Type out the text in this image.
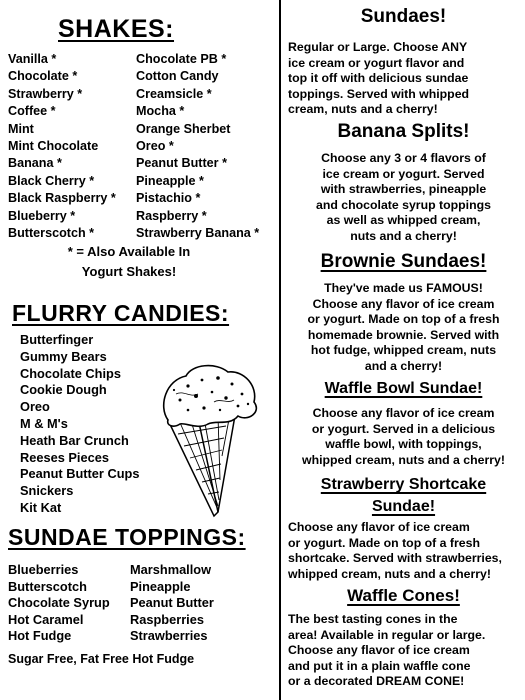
SHAKES:
Vanilla *
Chocolate *
Strawberry *
Coffee *
Mint
Mint Chocolate
Banana *
Black Cherry *
Black Raspberry *
Blueberry *
Butterscotch *
Chocolate PB *
Cotton Candy
Creamsicle *
Mocha *
Orange Sherbet
Oreo *
Peanut Butter *
Pineapple *
Pistachio *
Raspberry *
Strawberry Banana *
* = Also Available In
Yogurt Shakes!
FLURRY CANDIES:
Butterfinger
Gummy Bears
Chocolate Chips
Cookie Dough
Oreo
M & M's
Heath Bar Crunch
Reeses Pieces
Peanut Butter Cups
Snickers
Kit Kat
SUNDAE TOPPINGS:
Blueberries
Butterscotch
Chocolate Syrup
Hot Caramel
Hot Fudge
Marshmallow
Pineapple
Peanut Butter
Raspberries
Strawberries
Sugar Free, Fat Free Hot Fudge
Sundaes!
Regular or Large. Choose ANY
ice cream or yogurt flavor and
top it off with delicious sundae
toppings. Served with whipped
cream, nuts and a cherry!
Banana Splits!
Choose any 3 or 4 flavors of
ice cream or yogurt. Served
with strawberries, pineapple
and chocolate syrup toppings
as well as whipped cream,
nuts and a cherry!
Brownie Sundaes!
They've made us FAMOUS!
Choose any flavor of ice cream
or yogurt. Made on top of a fresh
homemade brownie. Served with
hot fudge, whipped cream, nuts
and a cherry!
Waffle Bowl Sundae!
Choose any flavor of ice cream
or yogurt. Served in a delicious
waffle bowl, with toppings,
whipped cream, nuts and a cherry!
Strawberry Shortcake
Sundae!
Choose any flavor of ice cream
or yogurt. Made on top of a fresh
shortcake. Served with strawberries,
whipped cream, nuts and a cherry!
Waffle Cones!
The best tasting cones in the
area! Available in regular or large.
Choose any flavor of ice cream
and put it in a plain waffle cone
or a decorated DREAM CONE!
